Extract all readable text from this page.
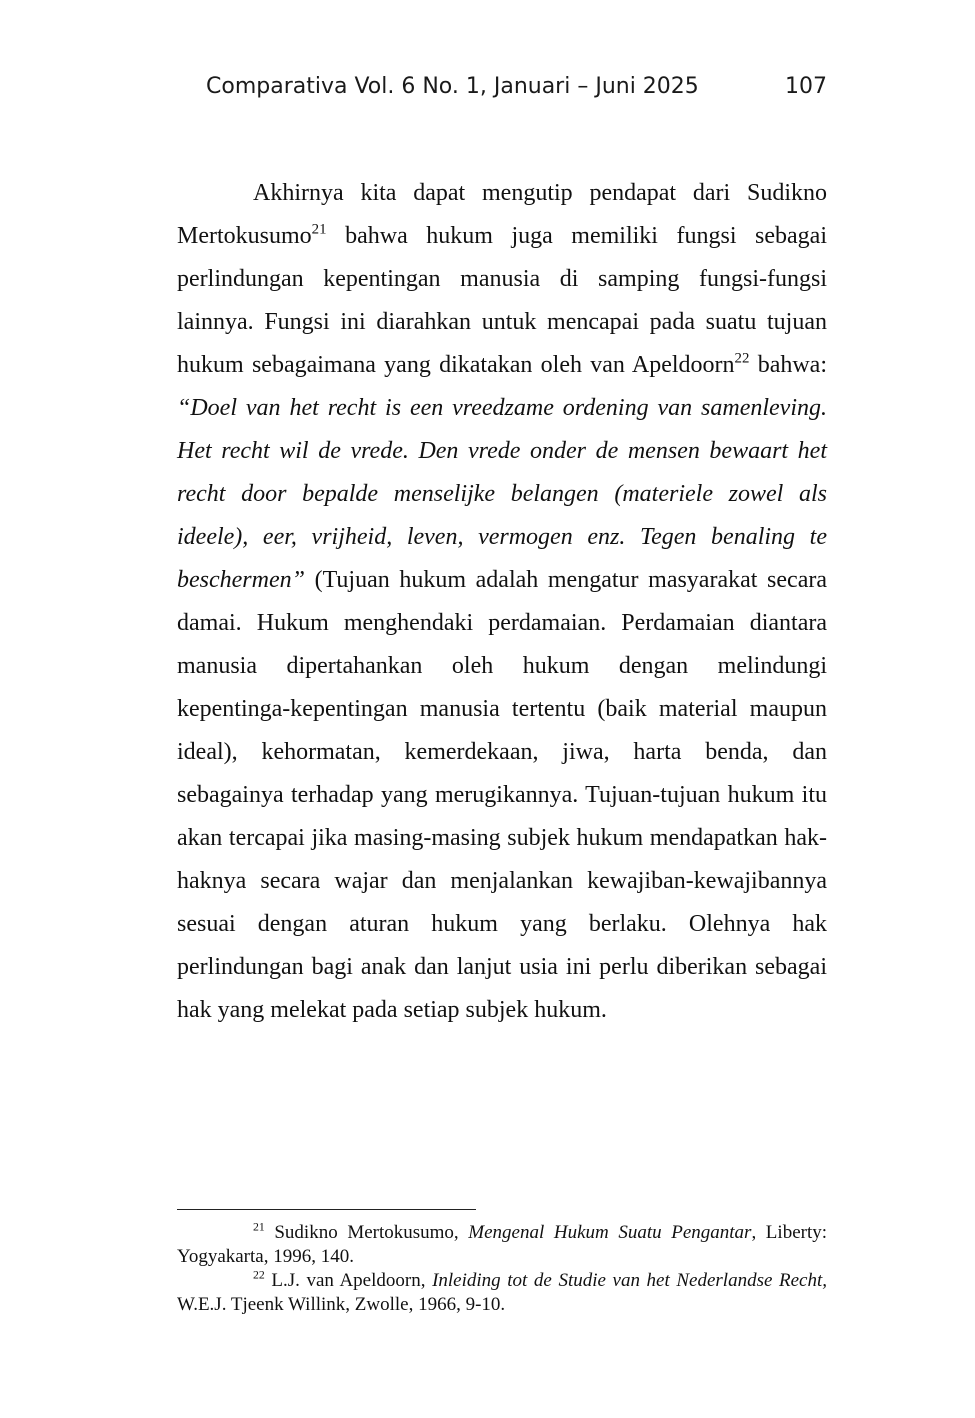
Comparativa Vol. 6 No. 1, Januari – Juni 2025	107

Akhirnya kita dapat mengutip pendapat dari Sudikno Mertokusumo$^{21}$ bahwa hukum juga memiliki fungsi sebagai perlindungan kepentingan manusia di samping fungsi-fungsi lainnya. Fungsi ini diarahkan untuk mencapai pada suatu tujuan hukum sebagaimana yang dikatakan oleh van Apeldoorn$^{22}$ bahwa: “Doel van het recht is een vreedzame ordening van samenleving. Het recht wil de vrede. Den vrede onder de mensen bewaart het recht door bepalde menselijke belangen (materiele zowel als ideele), eer, vrijheid, leven, vermogen enz. Tegen benaling te beschermen” (Tujuan hukum adalah mengatur masyarakat secara damai. Hukum menghendaki perdamaian. Perdamaian diantara manusia dipertahankan oleh hukum dengan melindungi kepentinga-kepentingan manusia tertentu (baik material maupun ideal), kehormatan, kemerdekaan, jiwa, harta benda, dan sebagainya terhadap yang merugikannya. Tujuan-tujuan hukum itu akan tercapai jika masing-masing subjek hukum mendapatkan hak-haknya secara wajar dan menjalankan kewajiban-kewajibannya sesuai dengan aturan hukum yang berlaku. Olehnya hak perlindungan bagi anak dan lanjut usia ini perlu diberikan sebagai hak yang melekat pada setiap subjek hukum.

$^{21}$ Sudikno Mertokusumo, Mengenal Hukum Suatu Pengantar, Liberty: Yogyakarta, 1996, 140.

$^{22}$ L.J. van Apeldoorn, Inleiding tot de Studie van het Nederlandse Recht, W.E.J. Tjeenk Willink, Zwolle, 1966, 9-10.
